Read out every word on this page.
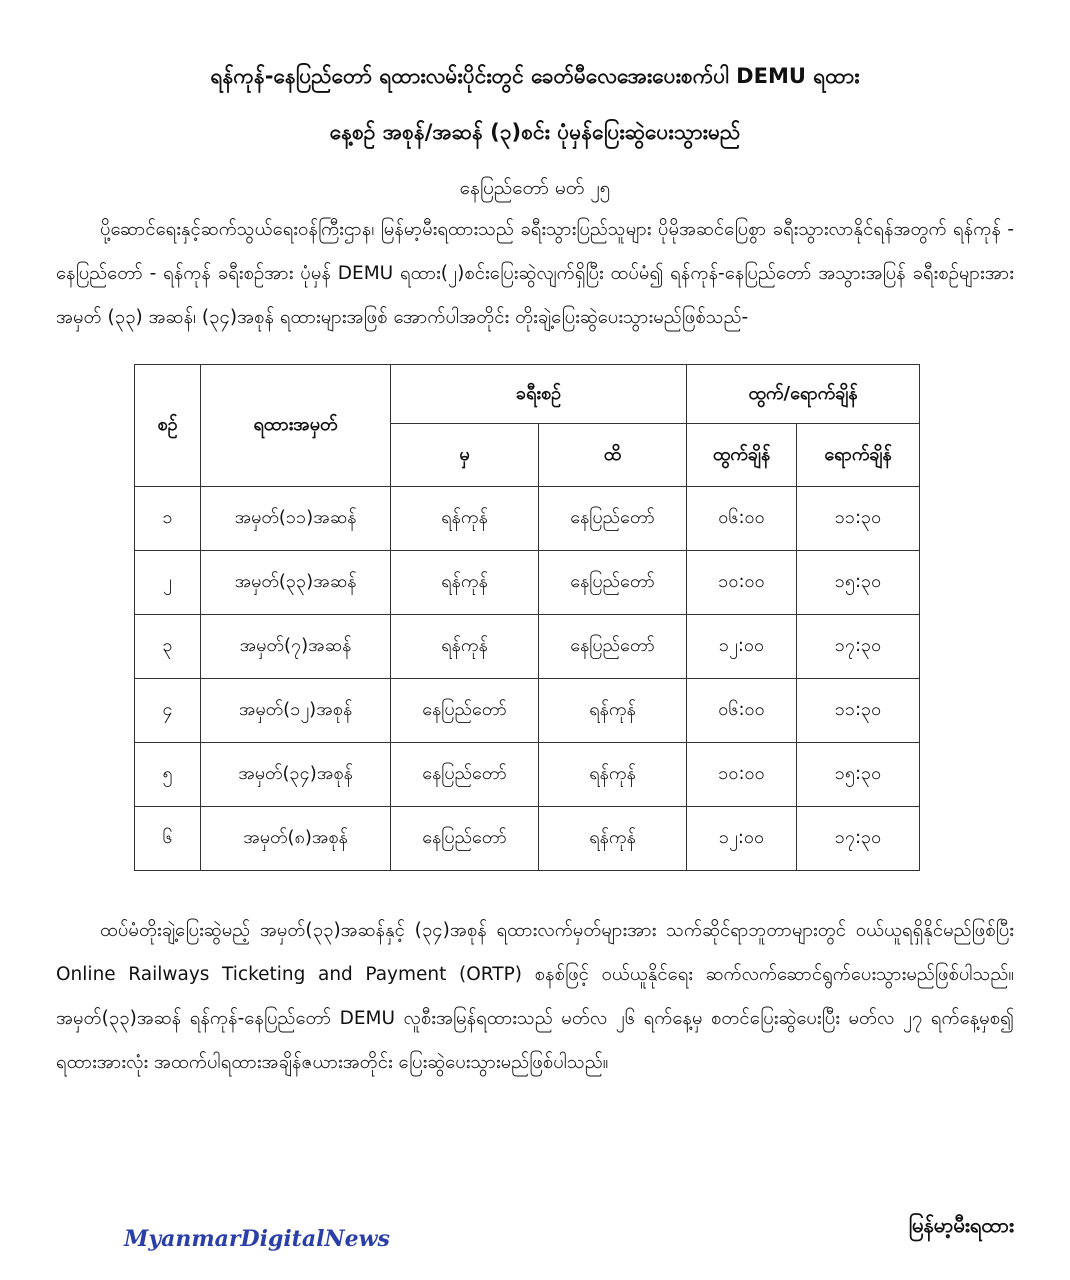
ရန်ကုန်-နေပြည်တော် ရထားလမ်းပိုင်းတွင် ခေတ်မီလေအေးပေးစက်ပါ DEMU ရထား
နေ့စဉ် အစုန်/အဆန် (၃)စင်း ပုံမှန်ပြေးဆွဲပေးသွားမည်
နေပြည်တော် မတ် ၂၅

ပို့ဆောင်ရေးနှင့်ဆက်သွယ်ရေးဝန်ကြီးဌာန၊ မြန်မာ့မီးရထားသည် ခရီးသွားပြည်သူများ ပိုမိုအဆင်ပြေစွာ ခရီးသွားလာနိုင်ရန်အတွက် ရန်ကုန် - နေပြည်တော် - ရန်ကုန် ခရီးစဉ်အား ပုံမှန် DEMU ရထား(၂)စင်းပြေးဆွဲလျက်ရှိပြီး ထပ်မံ၍ ရန်ကုန်-နေပြည်တော် အသွားအပြန် ခရီးစဉ်များအား အမှတ် (၃၃) အဆန်၊ (၃၄)အစုန် ရထားများအဖြစ် အောက်ပါအတိုင်း တိုးချဲ့ပြေးဆွဲပေးသွားမည်ဖြစ်သည်-

စဉ်	ရထားအမှတ်	ခရီးစဉ်		ထွက်/ရောက်ချိန်	
		မှ	ထိ	ထွက်ချိန်	ရောက်ချိန်
၁	အမှတ်(၁၁)အဆန်	ရန်ကုန်	နေပြည်တော်	၀၆:၀၀	၁၁:၃၀
၂	အမှတ်(၃၃)အဆန်	ရန်ကုန်	နေပြည်တော်	၁၀:၀၀	၁၅:၃၀
၃	အမှတ်(၇)အဆန်	ရန်ကုန်	နေပြည်တော်	၁၂:၀၀	၁၇:၃၀
၄	အမှတ်(၁၂)အစုန်	နေပြည်တော်	ရန်ကုန်	၀၆:၀၀	၁၁:၃၀
၅	အမှတ်(၃၄)အစုန်	နေပြည်တော်	ရန်ကုန်	၁၀:၀၀	၁၅:၃၀
၆	အမှတ်(၈)အစုန်	နေပြည်တော်	ရန်ကုန်	၁၂:၀၀	၁၇:၃၀

ထပ်မံတိုးချဲ့ပြေးဆွဲမည့် အမှတ်(၃၃)အဆန်နှင့် (၃၄)အစုန် ရထားလက်မှတ်များအား သက်ဆိုင်ရာဘူတာများတွင် ဝယ်ယူရရှိနိုင်မည်ဖြစ်ပြီး Online Railways Ticketing and Payment (ORTP) စနစ်ဖြင့် ဝယ်ယူနိုင်ရေး ဆက်လက်ဆောင်ရွက်ပေးသွားမည်ဖြစ်ပါသည်။ အမှတ်(၃၃)အဆန် ရန်ကုန်-နေပြည်တော် DEMU လူစီးအမြန်ရထားသည် မတ်လ ၂၆ ရက်နေ့မှ စတင်ပြေးဆွဲပေးပြီး မတ်လ ၂၇ ရက်နေ့မှစ၍ ရထားအားလုံး အထက်ပါရထားအချိန်ဇယားအတိုင်း ပြေးဆွဲပေးသွားမည်ဖြစ်ပါသည်။

MyanmarDigitalNews
မြန်မာ့မီးရထား
